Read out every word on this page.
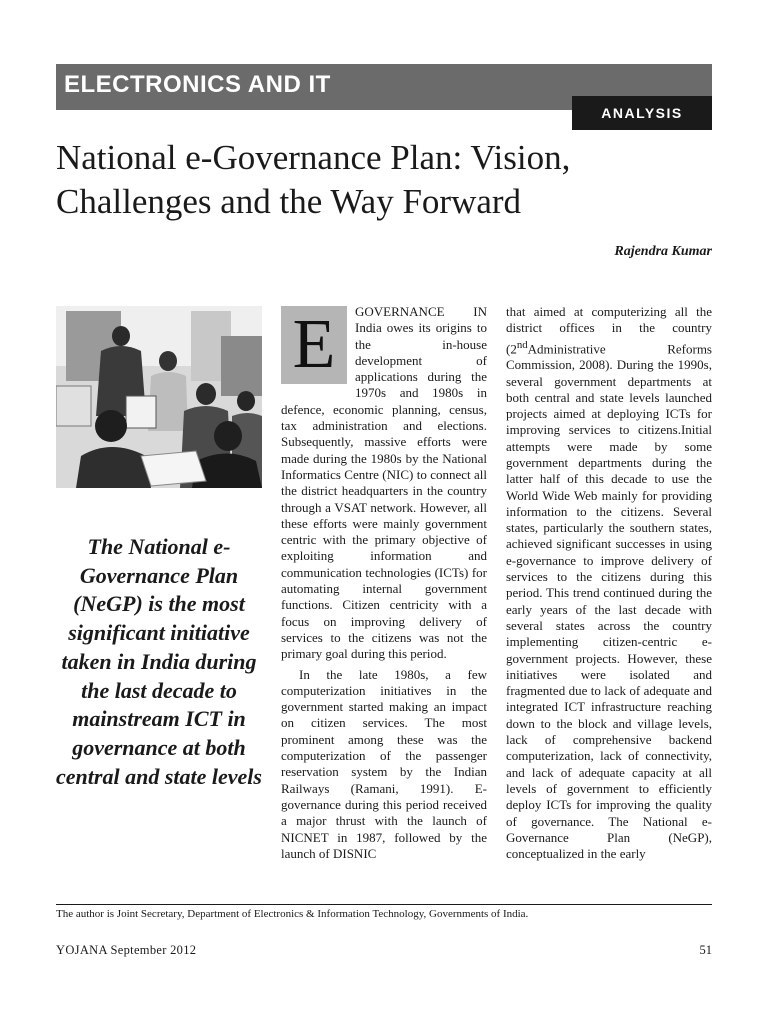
ELECTRONICS AND IT
ANALYSIS
National e-Governance Plan: Vision, Challenges and the Way Forward
Rajendra Kumar
The National e-Governance Plan (NeGP) is the most significant initiative taken in India during the last decade to mainstream ICT in governance at both central and state levels

E	GOVERNANCE IN India owes its origins to the in-house development of applications during the 1970s and 1980s in defence, economic planning, census, tax administration and elections. Subsequently, massive efforts were made during the 1980s by the National Informatics Centre (NIC) to connect all the district headquarters in the country through a VSAT network. However, all these efforts were mainly government centric with the primary objective of exploiting information and communication technologies (ICTs) for automating internal government functions. Citizen centricity with a focus on improving delivery of services to the citizens was not the primary goal during this period.

In the late 1980s, a few computerization initiatives in the government started making an impact on citizen services. The most prominent among these was the computerization of the passenger reservation system by the Indian Railways (Ramani, 1991). E-governance during this period received a major thrust with the launch of NICNET in 1987, followed by the launch of DISNIC

that aimed at computerizing all the district offices in the country (2ndAdministrative Reforms Commission, 2008). During the 1990s, several government departments at both central and state levels launched projects aimed at deploying ICTs for improving services to citizens.Initial attempts were made by some government departments during the latter half of this decade to use the World Wide Web mainly for providing information to the citizens. Several states, particularly the southern states, achieved significant successes in using e-governance to improve delivery of services to the citizens during this period. This trend continued during the early years of the last decade with several states across the country implementing citizen-centric e-government projects. However, these initiatives were isolated and fragmented due to lack of adequate and integrated ICT infrastructure reaching down to the block and village levels, lack of comprehensive backend computerization, lack of connectivity, and lack of adequate capacity at all levels of government to efficiently deploy ICTs for improving the quality of governance. The National e-Governance Plan (NeGP), conceptualized in the early

The author is Joint Secretary, Department of Electronics & Information Technology, Governments of India.
YOJANA September 2012	51
